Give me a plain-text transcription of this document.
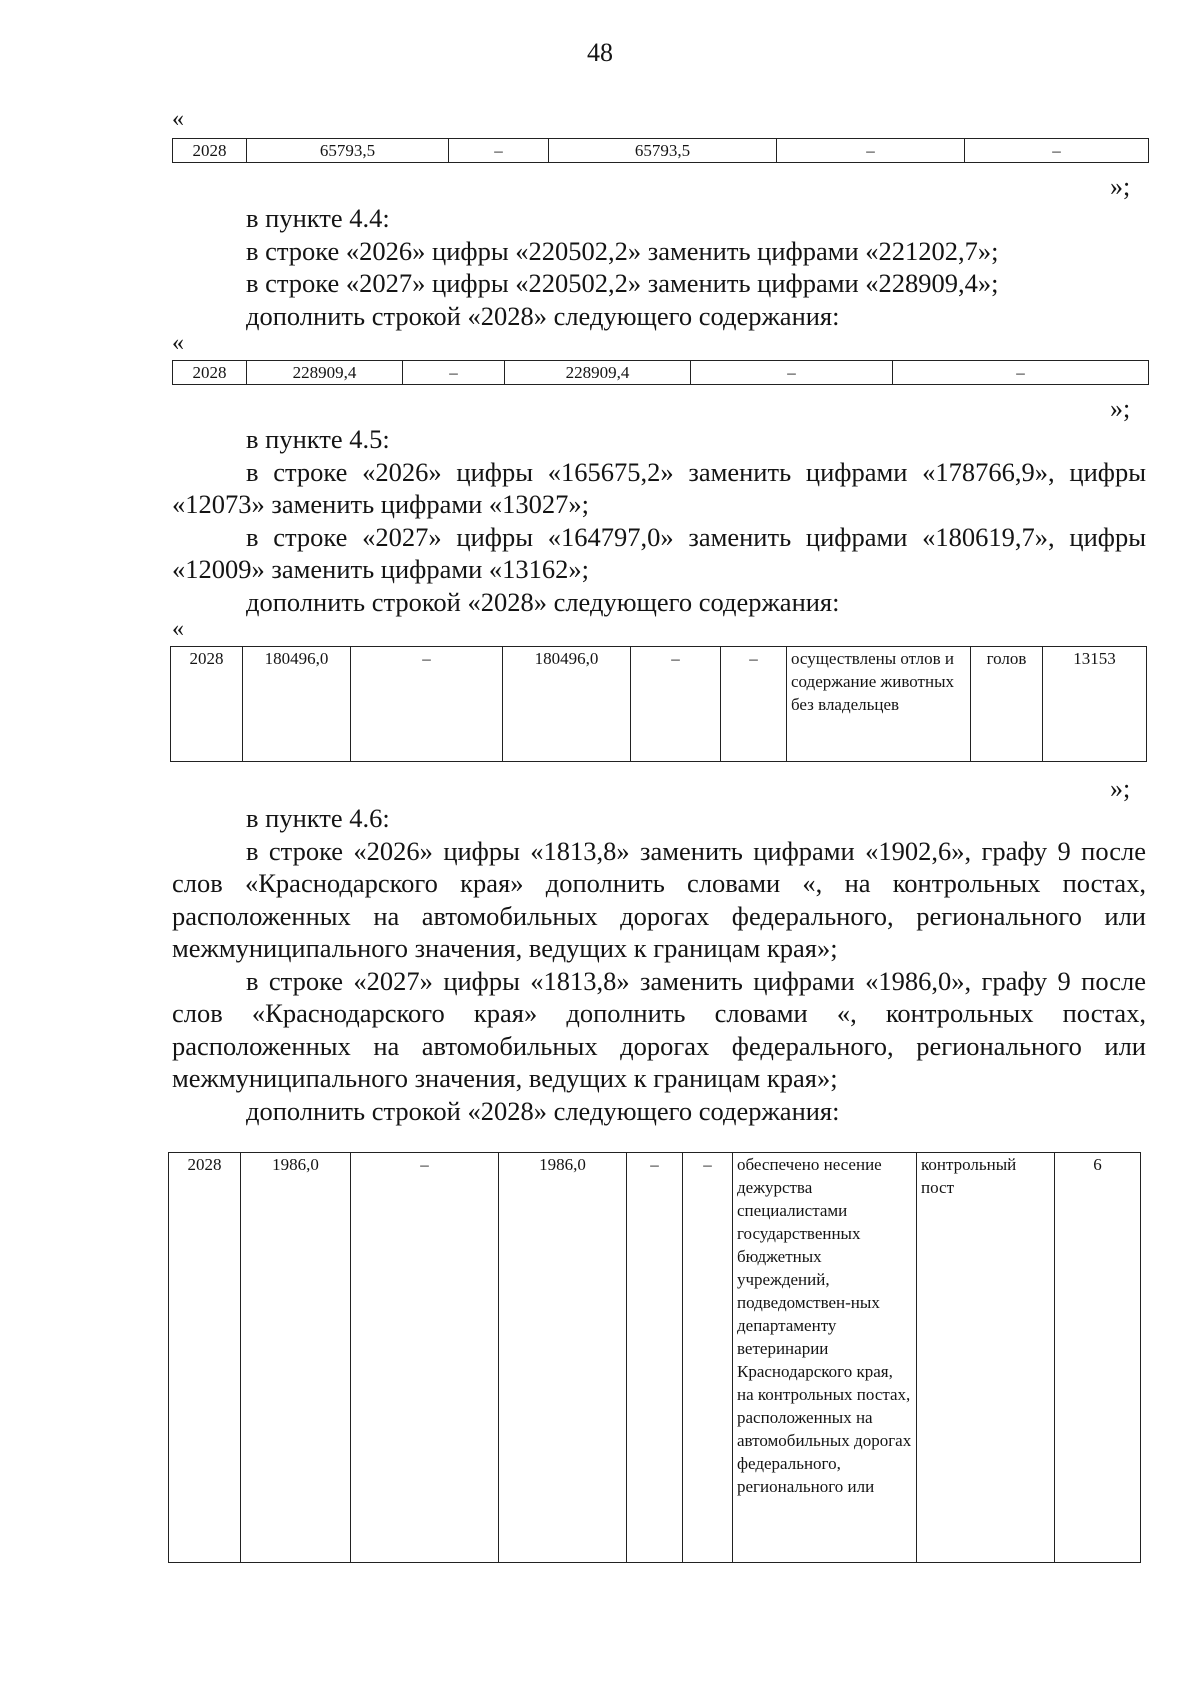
48
«
2028	65793,5	–	65793,5	–	–
»;

в пункте 4.4:

в строке «2026» цифры «220502,2» заменить цифрами «221202,7»;

в строке «2027» цифры «220502,2» заменить цифрами «228909,4»;

дополнить строкой «2028» следующего содержания:

«
2028	228909,4	–	228909,4	–	–
»;

в пункте 4.5:

в строке «2026» цифры «165675,2» заменить цифрами «178766,9», цифры «12073» заменить цифрами «13027»;

в строке «2027» цифры «164797,0» заменить цифрами «180619,7», цифры «12009» заменить цифрами «13162»;

дополнить строкой «2028» следующего содержания:

«
2028	180496,0	–	180496,0	–	–	осуществлены отлов и содержание животных без владельцев	голов	13153
»;

в пункте 4.6:

в строке «2026» цифры «1813,8» заменить цифрами «1902,6», графу 9 после слов «Краснодарского края» дополнить словами «, на контрольных постах, расположенных на автомобильных дорогах федерального, регионального или межмуниципального значения, ведущих к границам края»;

в строке «2027» цифры «1813,8» заменить цифрами «1986,0», графу 9 после слов «Краснодарского края» дополнить словами «, контрольных постах, расположенных на автомобильных дорогах федерального, регионального или межмуниципального значения, ведущих к границам края»;

дополнить строкой «2028» следующего содержания:

2028	1986,0	–	1986,0	–	–	обеспечено несение дежурства специалистами государственных бюджетных учреждений, подведомствен-ных департаменту ветеринарии Краснодарского края, на контрольных постах, расположенных на автомобильных дорогах федерального, регионального или	контрольный пост	6
